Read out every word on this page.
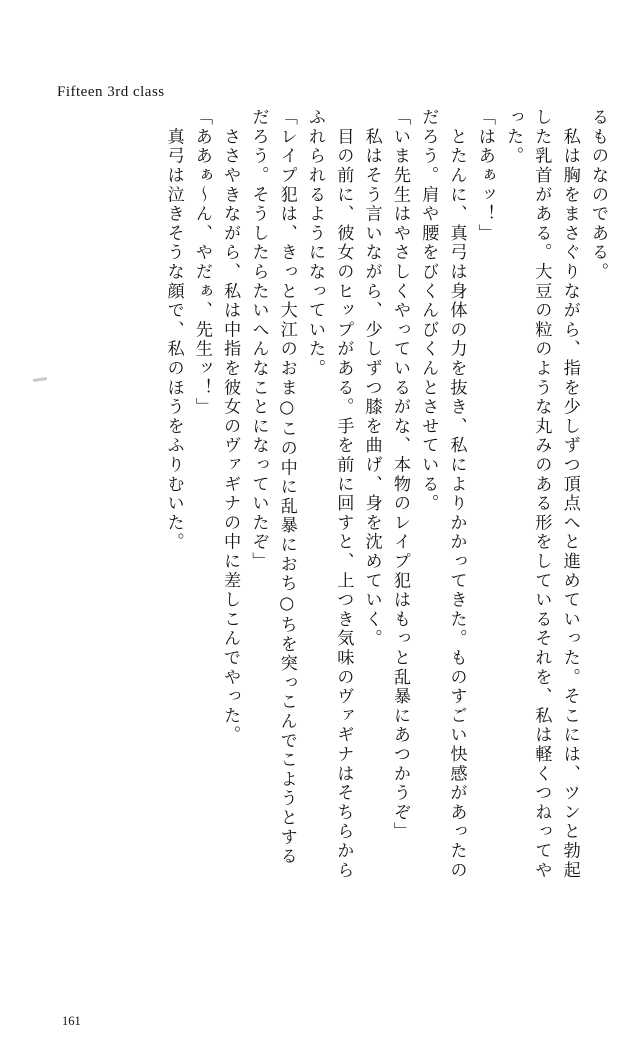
Fifteen 3rd class
るものなのである。
　私は胸をまさぐりながら、指を少しずつ頂点へと進めていった。そこには、ツンと勃起
した乳首がある。大豆の粒のような丸みのある形をしているそれを、私は軽くつねってや
った。
「はあぁッ！」
　とたんに、真弓は身体の力を抜き、私によりかかってきた。ものすごい快感があったの
だろう。肩や腰をびくんびくんとさせている。
「いま先生はやさしくやっているがな、本物のレイプ犯はもっと乱暴にあつかうぞ」
　私はそう言いながら、少しずつ膝を曲げ、身を沈めていく。
　目の前に、彼女のヒップがある。手を前に回すと、上つき気味のヴァギナはそちらから
ふれられるようになっていた。
「レイプ犯は、きっと大江のおま○この中に乱暴におち○ちを突っこんでこようとする
だろう。そうしたらたいへんなことになっていたぞ」
　ささやきながら、私は中指を彼女のヴァギナの中に差しこんでやった。
「ああぁ～ん、やだぁ、先生ッ！」
　真弓は泣きそうな顔で、私のほうをふりむいた。
161
